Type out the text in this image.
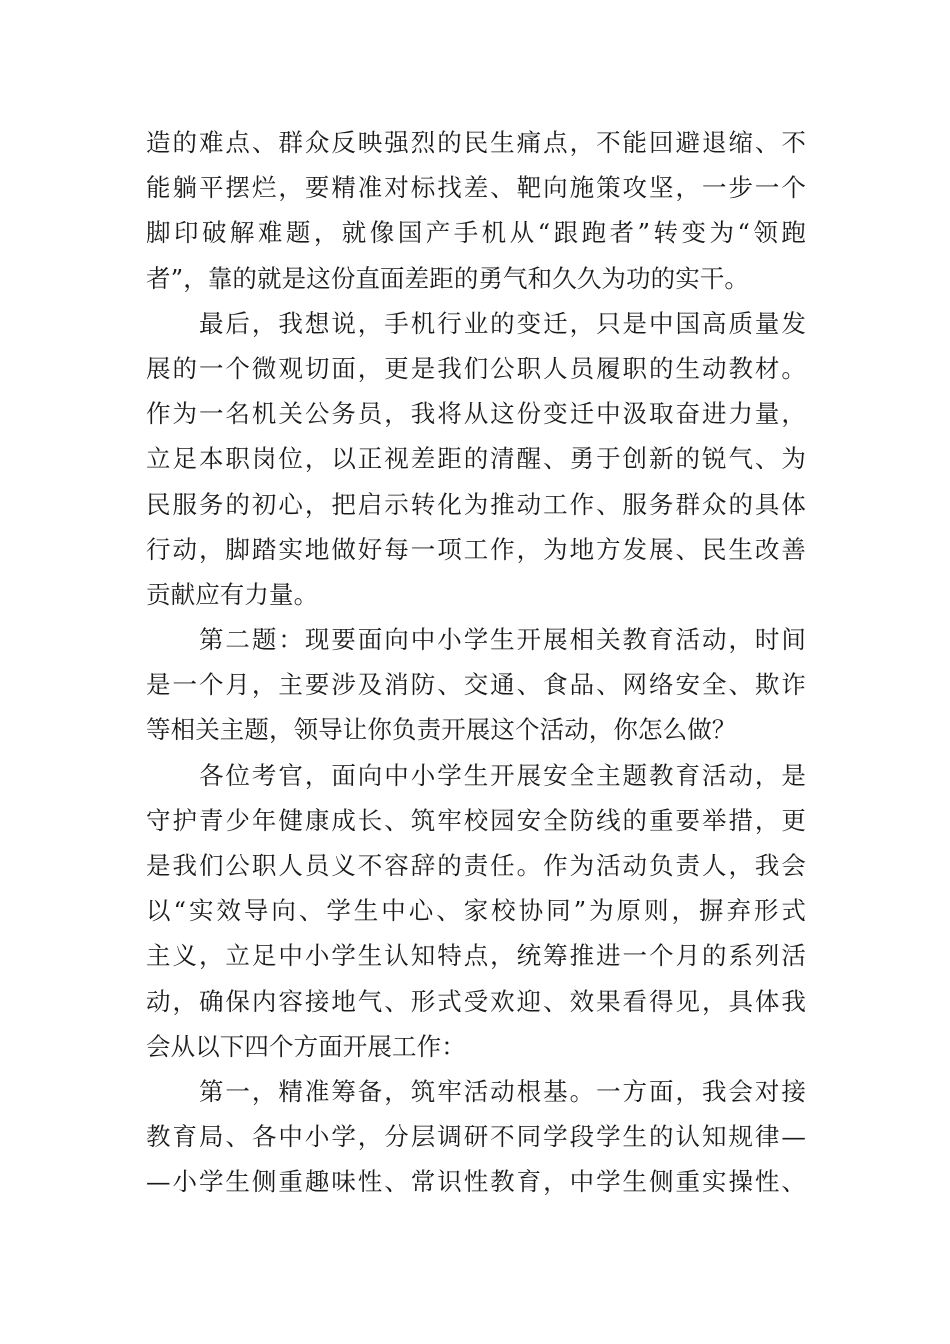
造的难点、群众反映强烈的民生痛点，不能回避退缩、不
能躺平摆烂，要精准对标找差、靶向施策攻坚，一步一个
脚印破解难题，就像国产手机从“跟跑者”转变为“领跑
者”，靠的就是这份直面差距的勇气和久久为功的实干。
　　最后，我想说，手机行业的变迁，只是中国高质量发
展的一个微观切面，更是我们公职人员履职的生动教材。
作为一名机关公务员，我将从这份变迁中汲取奋进力量，
立足本职岗位，以正视差距的清醒、勇于创新的锐气、为
民服务的初心，把启示转化为推动工作、服务群众的具体
行动，脚踏实地做好每一项工作，为地方发展、民生改善
贡献应有力量。
　　第二题：现要面向中小学生开展相关教育活动，时间
是一个月，主要涉及消防、交通、食品、网络安全、欺诈
等相关主题，领导让你负责开展这个活动，你怎么做？
　　各位考官，面向中小学生开展安全主题教育活动，是
守护青少年健康成长、筑牢校园安全防线的重要举措，更
是我们公职人员义不容辞的责任。作为活动负责人，我会
以“实效导向、学生中心、家校协同”为原则，摒弃形式
主义，立足中小学生认知特点，统筹推进一个月的系列活
动，确保内容接地气、形式受欢迎、效果看得见，具体我
会从以下四个方面开展工作：
　　第一，精准筹备，筑牢活动根基。一方面，我会对接
教育局、各中小学，分层调研不同学段学生的认知规律—
—小学生侧重趣味性、常识性教育，中学生侧重实操性、
